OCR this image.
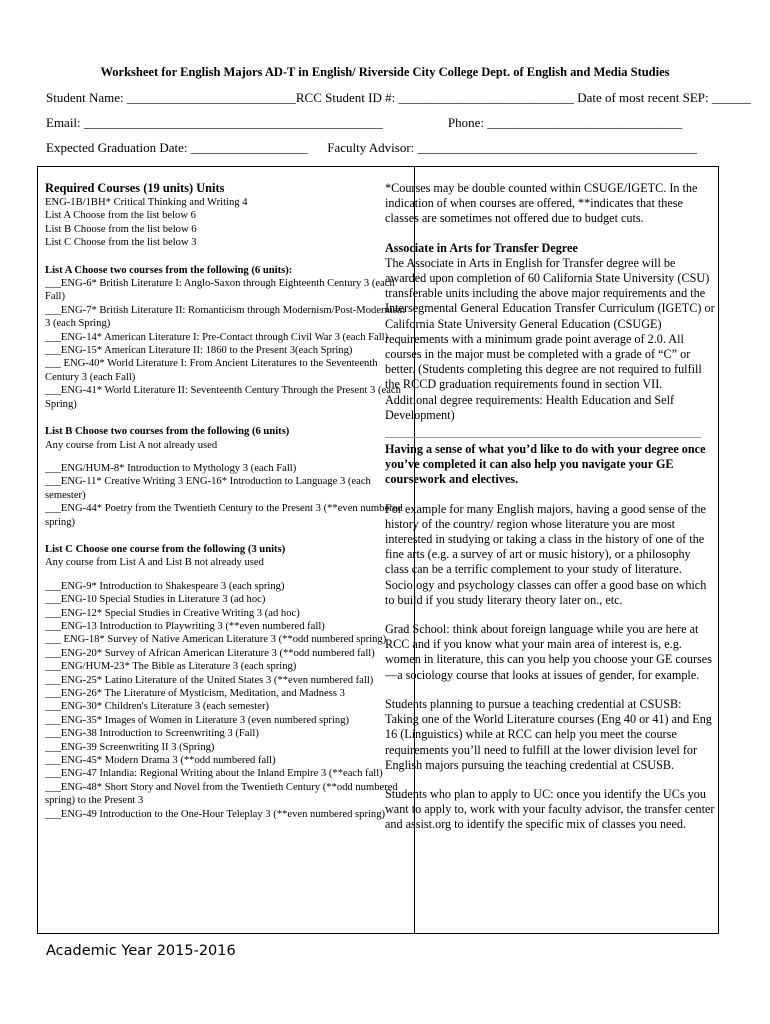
Worksheet for English Majors AD-T in English/ Riverside City College Dept. of English and Media Studies
Student Name: __________________________RCC Student ID #: ___________________________ Date of most recent SEP: ______
Email: ______________________________________________                    Phone: ______________________________
Expected Graduation Date: __________________      Faculty Advisor: ___________________________________________
Required Courses (19 units) Units

ENG-1B/1BH* Critical Thinking and Writing 4

List A Choose from the list below 6

List B Choose from the list below 6

List C Choose from the list below 3

List A Choose two courses from the following (6 units):

___ENG-6* British Literature I: Anglo-Saxon through Eighteenth Century 3 (each Fall)

___ENG-7* British Literature II: Romanticism through Modernism/Post-Modernism 3 (each Spring)

___ENG-14* American Literature I: Pre-Contact through Civil War 3 (each Fall)

___ENG-15* American Literature II: 1860 to the Present 3(each Spring)

___ ENG-40* World Literature I: From Ancient Literatures to the Seventeenth Century 3 (each Fall)

___ENG-41* World Literature II: Seventeenth Century Through the Present 3 (each Spring)

List B Choose two courses from the following (6 units)

Any course from List A not already used

___ENG/HUM-8* Introduction to Mythology 3 (each Fall)

___ENG-11* Creative Writing 3 ENG-16* Introduction to Language 3 (each semester)

___ENG-44* Poetry from the Twentieth Century to the Present 3 (**even numbered spring)

List C Choose one course from the following (3 units)

Any course from List A and List B not already used

___ENG-9* Introduction to Shakespeare 3 (each spring)

___ENG-10 Special Studies in Literature 3 (ad hoc)

___ENG-12* Special Studies in Creative Writing 3 (ad hoc)

___ENG-13 Introduction to Playwriting 3 (**even numbered fall)

___ ENG-18* Survey of Native American Literature 3 (**odd numbered spring)

___ENG-20* Survey of African American Literature 3 (**odd numbered fall)

___ENG/HUM-23* The Bible as Literature 3 (each spring)

___ENG-25* Latino Literature of the United States 3 (**even numbered fall)

___ENG-26* The Literature of Mysticism, Meditation, and Madness 3

___ENG-30* Children's Literature 3 (each semester)

___ENG-35* Images of Women in Literature 3 (even numbered spring)

___ENG-38 Introduction to Screenwriting 3 (Fall)

___ENG-39 Screenwriting II 3 (Spring)

___ENG-45* Modern Drama 3 (**odd numbered fall)

___ENG-47 Inlandia: Regional Writing about the Inland Empire 3 (**each fall)

___ENG-48* Short Story and Novel from the Twentieth Century (**odd numbered spring) to the Present 3

___ENG-49 Introduction to the One-Hour Teleplay 3 (**even numbered spring)

*Courses may be double counted within CSUGE/IGETC. In the indication of when courses are offered, **indicates that these classes are sometimes not offered due to budget cuts.

Associate in Arts for Transfer Degree

The Associate in Arts in English for Transfer degree will be awarded upon completion of 60 California State University (CSU) transferable units including the above major requirements and the Intersegmental General Education Transfer Curriculum (IGETC) or California State University General Education (CSUGE) requirements with a minimum grade point average of 2.0. All courses in the major must be completed with a grade of “C” or better. (Students completing this degree are not required to fulfill the RCCD graduation requirements found in section VII. Additional degree requirements: Health Education and Self Development)

Having a sense of what you’d like to do with your degree once you’ve completed it can also help you navigate your GE coursework and electives.

For example for many English majors, having a good sense of the history of the country/ region whose literature you are most interested in studying or taking a class in the history of one of the fine arts (e.g. a survey of art or music history), or a philosophy class can be a terrific complement to your study of literature. Sociology and psychology classes can offer a good base on which to build if you study literary theory later on., etc.

Grad School: think about foreign language while you are here at RCC and if you know what your main area of interest is, e.g. women in literature, this can you help you choose your GE courses—a sociology course that looks at issues of gender, for example.

Students planning to pursue a teaching credential at CSUSB: Taking one of the World Literature courses (Eng 40 or 41) and Eng 16 (Linguistics) while at RCC can help you meet the course requirements you’ll need to fulfill at the lower division level for English majors pursuing the teaching credential at CSUSB.

Students who plan to apply to UC: once you identify the UCs you want to apply to, work with your faculty advisor, the transfer center and assist.org to identify the specific mix of classes you need.

Academic Year 2015-2016
